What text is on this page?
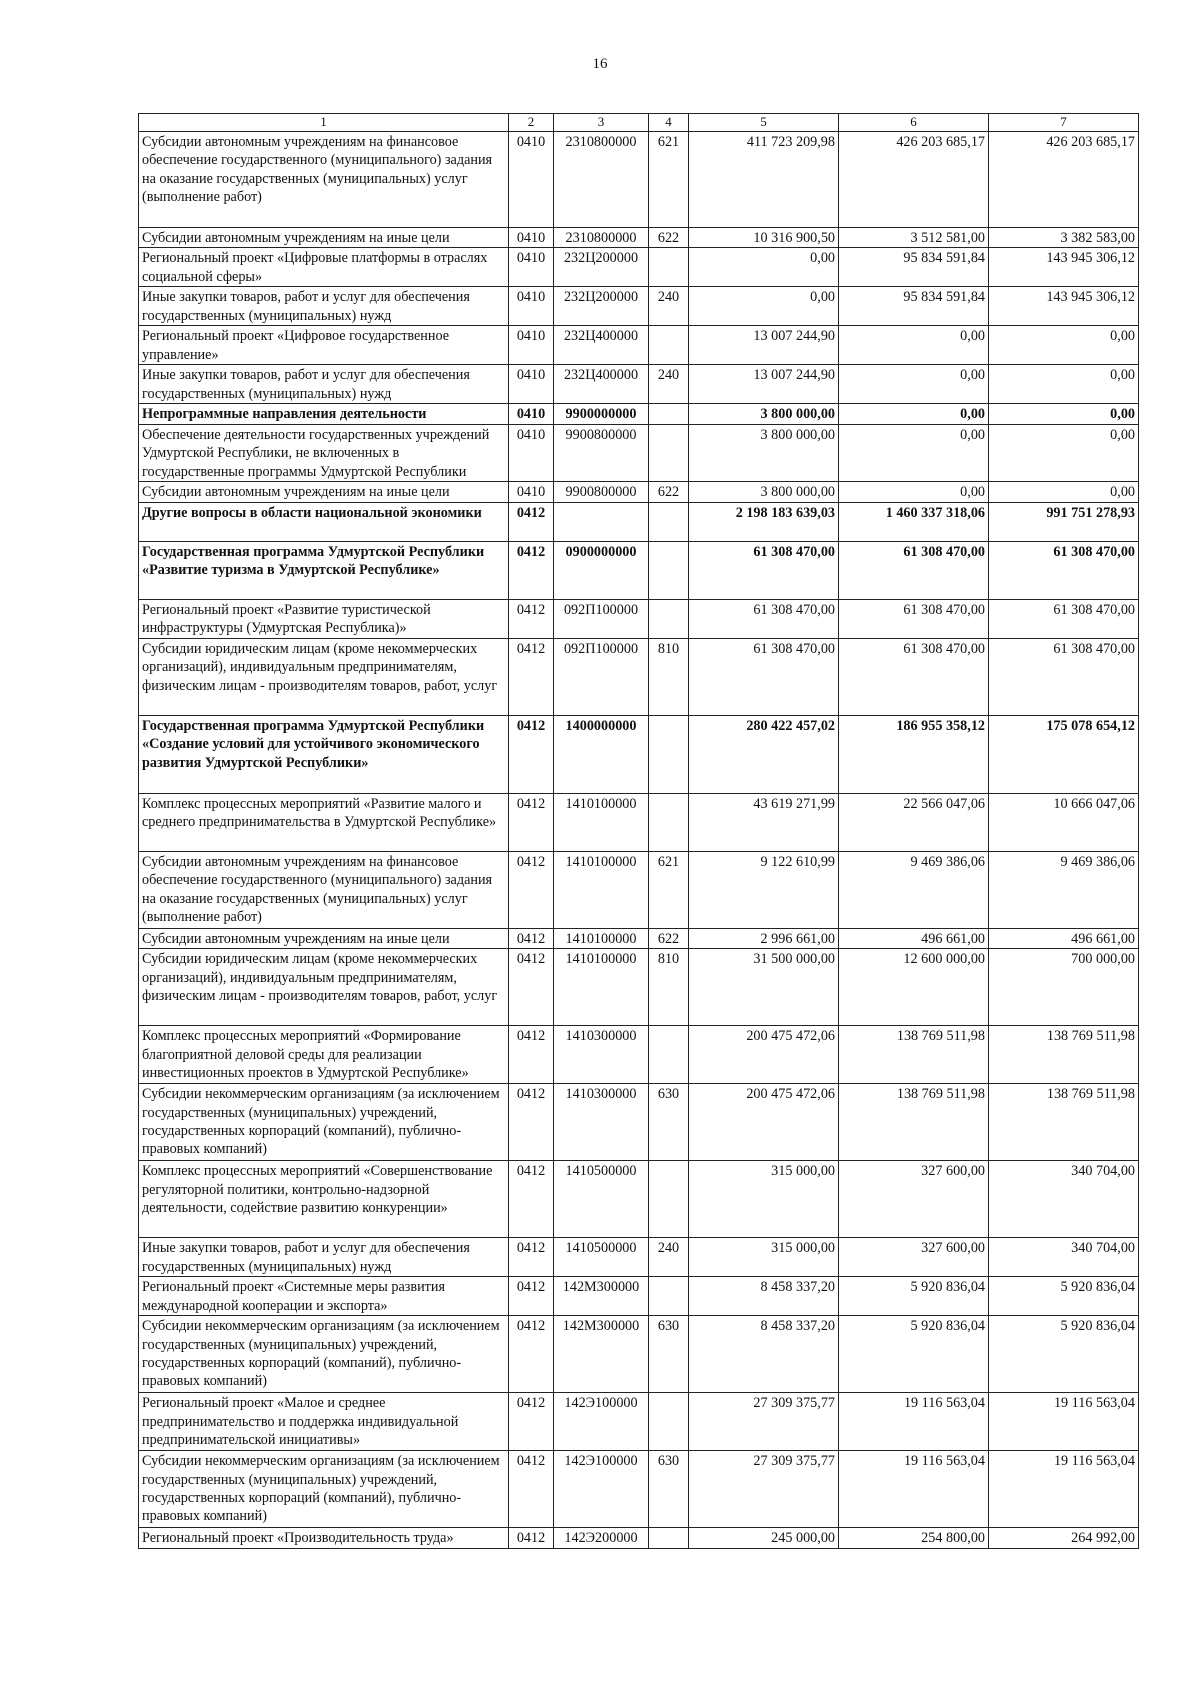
16
1	2	3	4	5	6	7
Субсидии автономным учреждениям на финансовое обеспечение государственного (муниципального) задания на оказание государственных (муниципальных) услуг (выполнение работ)	0410	2310800000	621	411 723 209,98	426 203 685,17	426 203 685,17
Субсидии автономным учреждениям на иные цели	0410	2310800000	622	10 316 900,50	3 512 581,00	3 382 583,00
Региональный проект «Цифровые платформы в отраслях социальной сферы»	0410	232Ц200000		0,00	95 834 591,84	143 945 306,12
Иные закупки товаров, работ и услуг для обеспечения государственных (муниципальных) нужд	0410	232Ц200000	240	0,00	95 834 591,84	143 945 306,12
Региональный проект «Цифровое государственное управление»	0410	232Ц400000		13 007 244,90	0,00	0,00
Иные закупки товаров, работ и услуг для обеспечения государственных (муниципальных) нужд	0410	232Ц400000	240	13 007 244,90	0,00	0,00
Непрограммные направления деятельности	0410	9900000000		3 800 000,00	0,00	0,00
Обеспечение деятельности государственных учреждений Удмуртской Республики, не включенных в государственные программы Удмуртской Республики	0410	9900800000		3 800 000,00	0,00	0,00
Субсидии автономным учреждениям на иные цели	0410	9900800000	622	3 800 000,00	0,00	0,00
Другие вопросы в области национальной экономики	0412			2 198 183 639,03	1 460 337 318,06	991 751 278,93
Государственная программа Удмуртской Республики «Развитие туризма в Удмуртской Республике»	0412	0900000000		61 308 470,00	61 308 470,00	61 308 470,00
Региональный проект «Развитие туристической инфраструктуры (Удмуртская Республика)»	0412	092П100000		61 308 470,00	61 308 470,00	61 308 470,00
Субсидии юридическим лицам (кроме некоммерческих организаций), индивидуальным предпринимателям, физическим лицам - производителям товаров, работ, услуг	0412	092П100000	810	61 308 470,00	61 308 470,00	61 308 470,00
Государственная программа Удмуртской Республики «Создание условий для устойчивого экономического развития Удмуртской Республики»	0412	1400000000		280 422 457,02	186 955 358,12	175 078 654,12
Комплекс процессных мероприятий «Развитие малого и среднего предпринимательства в Удмуртской Республике»	0412	1410100000		43 619 271,99	22 566 047,06	10 666 047,06
Субсидии автономным учреждениям на финансовое обеспечение государственного (муниципального) задания на оказание государственных (муниципальных) услуг (выполнение работ)	0412	1410100000	621	9 122 610,99	9 469 386,06	9 469 386,06
Субсидии автономным учреждениям на иные цели	0412	1410100000	622	2 996 661,00	496 661,00	496 661,00
Субсидии юридическим лицам (кроме некоммерческих организаций), индивидуальным предпринимателям, физическим лицам - производителям товаров, работ, услуг	0412	1410100000	810	31 500 000,00	12 600 000,00	700 000,00
Комплекс процессных мероприятий «Формирование благоприятной деловой среды для реализации инвестиционных проектов в Удмуртской Республике»	0412	1410300000		200 475 472,06	138 769 511,98	138 769 511,98
Субсидии некоммерческим организациям (за исключением государственных (муниципальных) учреждений, государственных корпораций (компаний), публично-правовых компаний)	0412	1410300000	630	200 475 472,06	138 769 511,98	138 769 511,98
Комплекс процессных мероприятий «Совершенствование регуляторной политики, контрольно-надзорной деятельности, содействие развитию конкуренции»	0412	1410500000		315 000,00	327 600,00	340 704,00
Иные закупки товаров, работ и услуг для обеспечения государственных (муниципальных) нужд	0412	1410500000	240	315 000,00	327 600,00	340 704,00
Региональный проект «Системные меры развития международной кооперации и экспорта»	0412	142М300000		8 458 337,20	5 920 836,04	5 920 836,04
Субсидии некоммерческим организациям (за исключением государственных (муниципальных) учреждений, государственных корпораций (компаний), публично-правовых компаний)	0412	142М300000	630	8 458 337,20	5 920 836,04	5 920 836,04
Региональный проект «Малое и среднее предпринимательство и поддержка индивидуальной предпринимательской инициативы»	0412	142Э100000		27 309 375,77	19 116 563,04	19 116 563,04
Субсидии некоммерческим организациям (за исключением государственных (муниципальных) учреждений, государственных корпораций (компаний), публично-правовых компаний)	0412	142Э100000	630	27 309 375,77	19 116 563,04	19 116 563,04
Региональный проект «Производительность труда»	0412	142Э200000		245 000,00	254 800,00	264 992,00
